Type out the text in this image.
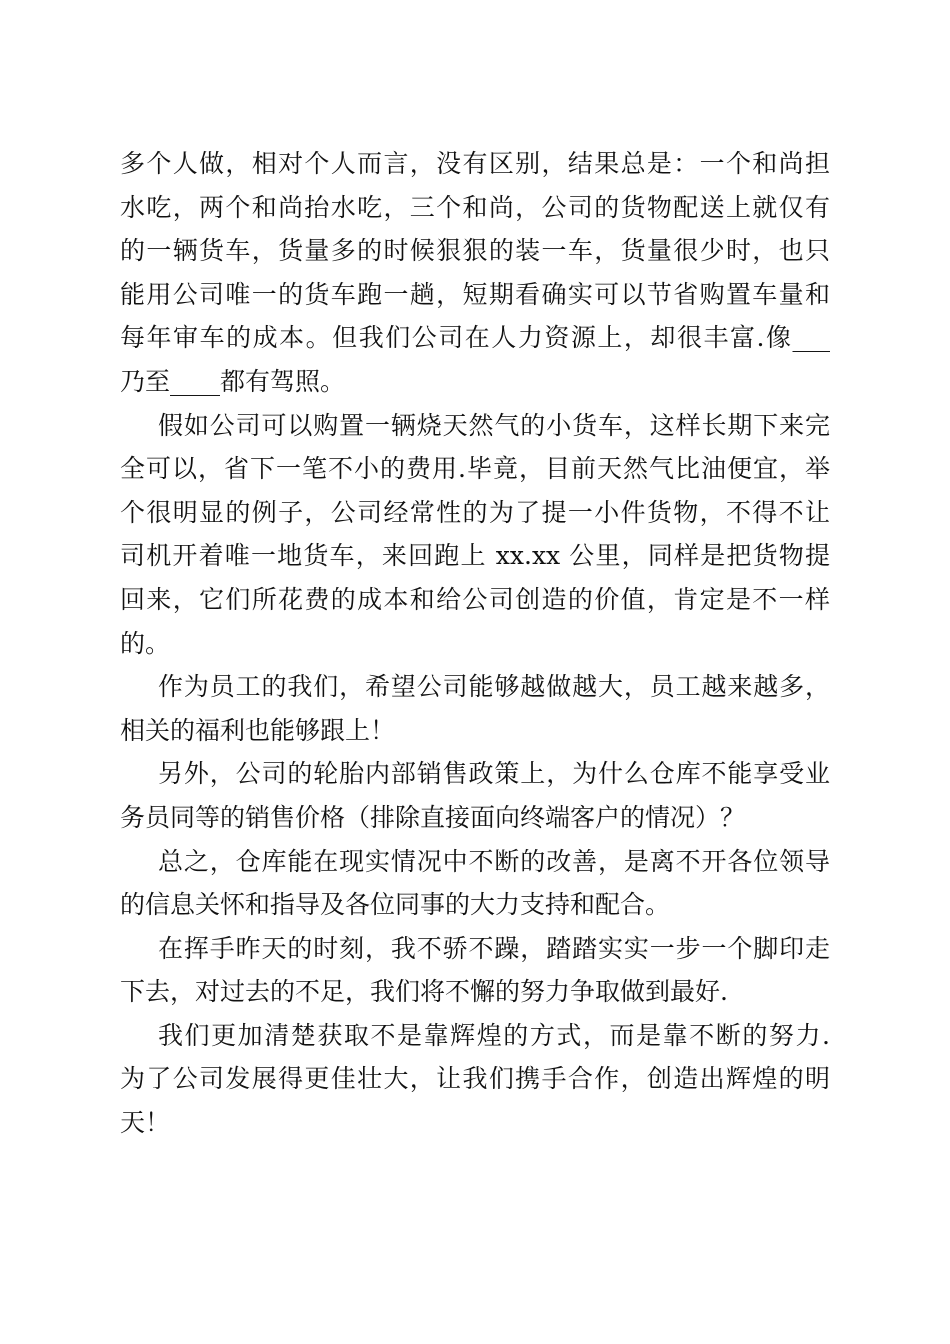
多个人做，相对个人而言，没有区别，结果总是：一个和尚担
水吃，两个和尚抬水吃，三个和尚，公司的货物配送上就仅有
的一辆货车，货量多的时候狠狠的装一车，货量很少时，也只
能用公司唯一的货车跑一趟，短期看确实可以节省购置车量和
每年审车的成本。但我们公司在人力资源上，却很丰富.像___
乃至____都有驾照。
假如公司可以购置一辆烧天然气的小货车，这样长期下来完
全可以，省下一笔不小的费用.毕竟，目前天然气比油便宜，举
个很明显的例子，公司经常性的为了提一小件货物，不得不让
司机开着唯一地货车，来回跑上 xx.xx 公里，同样是把货物提
回来，它们所花费的成本和给公司创造的价值，肯定是不一样
的。
作为员工的我们，希望公司能够越做越大，员工越来越多，
相关的福利也能够跟上！
另外，公司的轮胎内部销售政策上，为什么仓库不能享受业
务员同等的销售价格（排除直接面向终端客户的情况）？
总之，仓库能在现实情况中不断的改善，是离不开各位领导
的信息关怀和指导及各位同事的大力支持和配合。
在挥手昨天的时刻，我不骄不躁，踏踏实实一步一个脚印走
下去，对过去的不足，我们将不懈的努力争取做到最好.
我们更加清楚获取不是靠辉煌的方式，而是靠不断的努力.
为了公司发展得更佳壮大，让我们携手合作，创造出辉煌的明
天！
